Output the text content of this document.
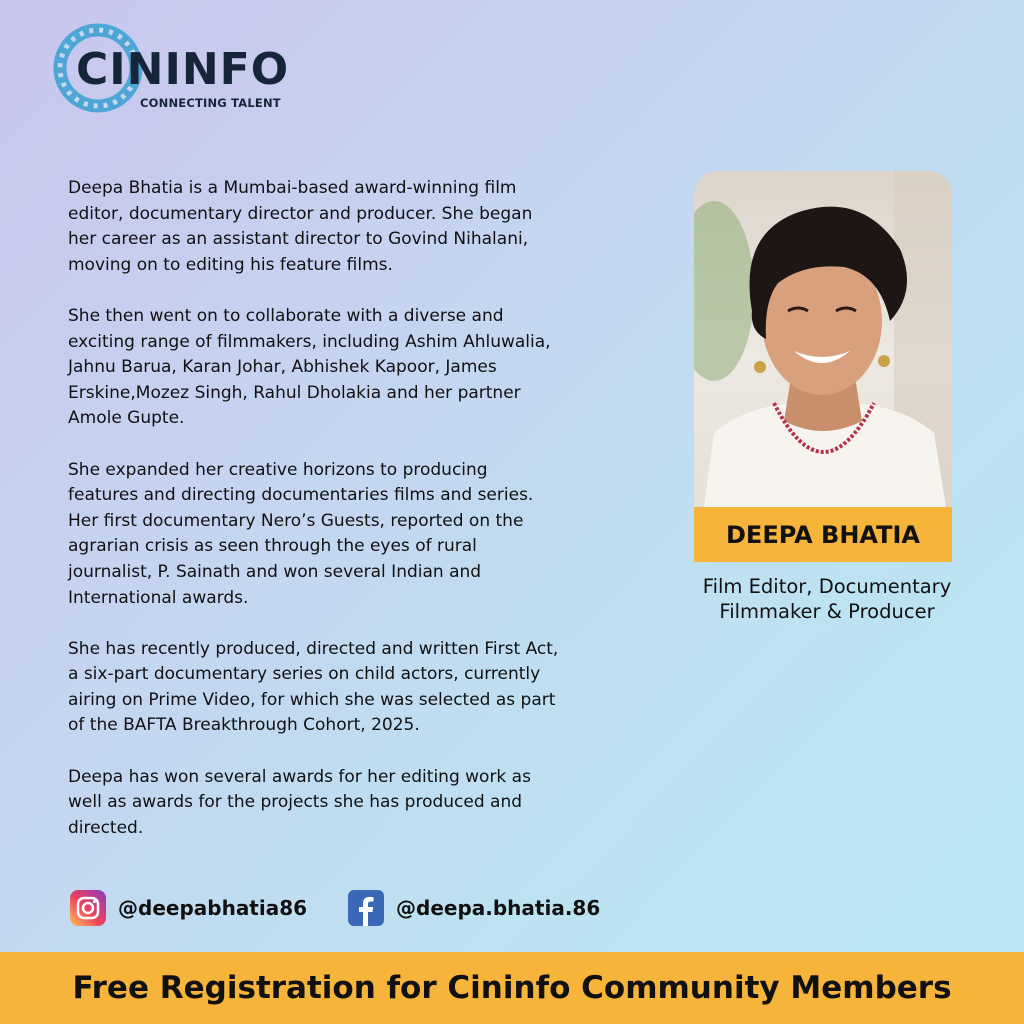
CININFO
CONNECTING TALENT

Deepa Bhatia is a Mumbai-based award-winning film
editor, documentary director and producer. She began
her career as an assistant director to Govind Nihalani,
moving on to editing his feature films.

She then went on to collaborate with a diverse and
exciting range of filmmakers, including Ashim Ahluwalia,
Jahnu Barua, Karan Johar, Abhishek Kapoor, James
Erskine,Mozez Singh, Rahul Dholakia and her partner
Amole Gupte.

She expanded her creative horizons to producing
features and directing documentaries films and series.
Her first documentary Nero’s Guests, reported on the
agrarian crisis as seen through the eyes of rural
journalist, P. Sainath and won several Indian and
International awards.

She has recently produced, directed and written First Act,
a six-part documentary series on child actors, currently
airing on Prime Video, for which she was selected as part
of the BAFTA Breakthrough Cohort, 2025.

Deepa has won several awards for her editing work as
well as awards for the projects she has produced and
directed.

DEEPA BHATIA
Film Editor, Documentary
Filmmaker & Producer
@deepabhatia86	@deepa.bhatia.86
Free Registration for Cininfo Community Members
